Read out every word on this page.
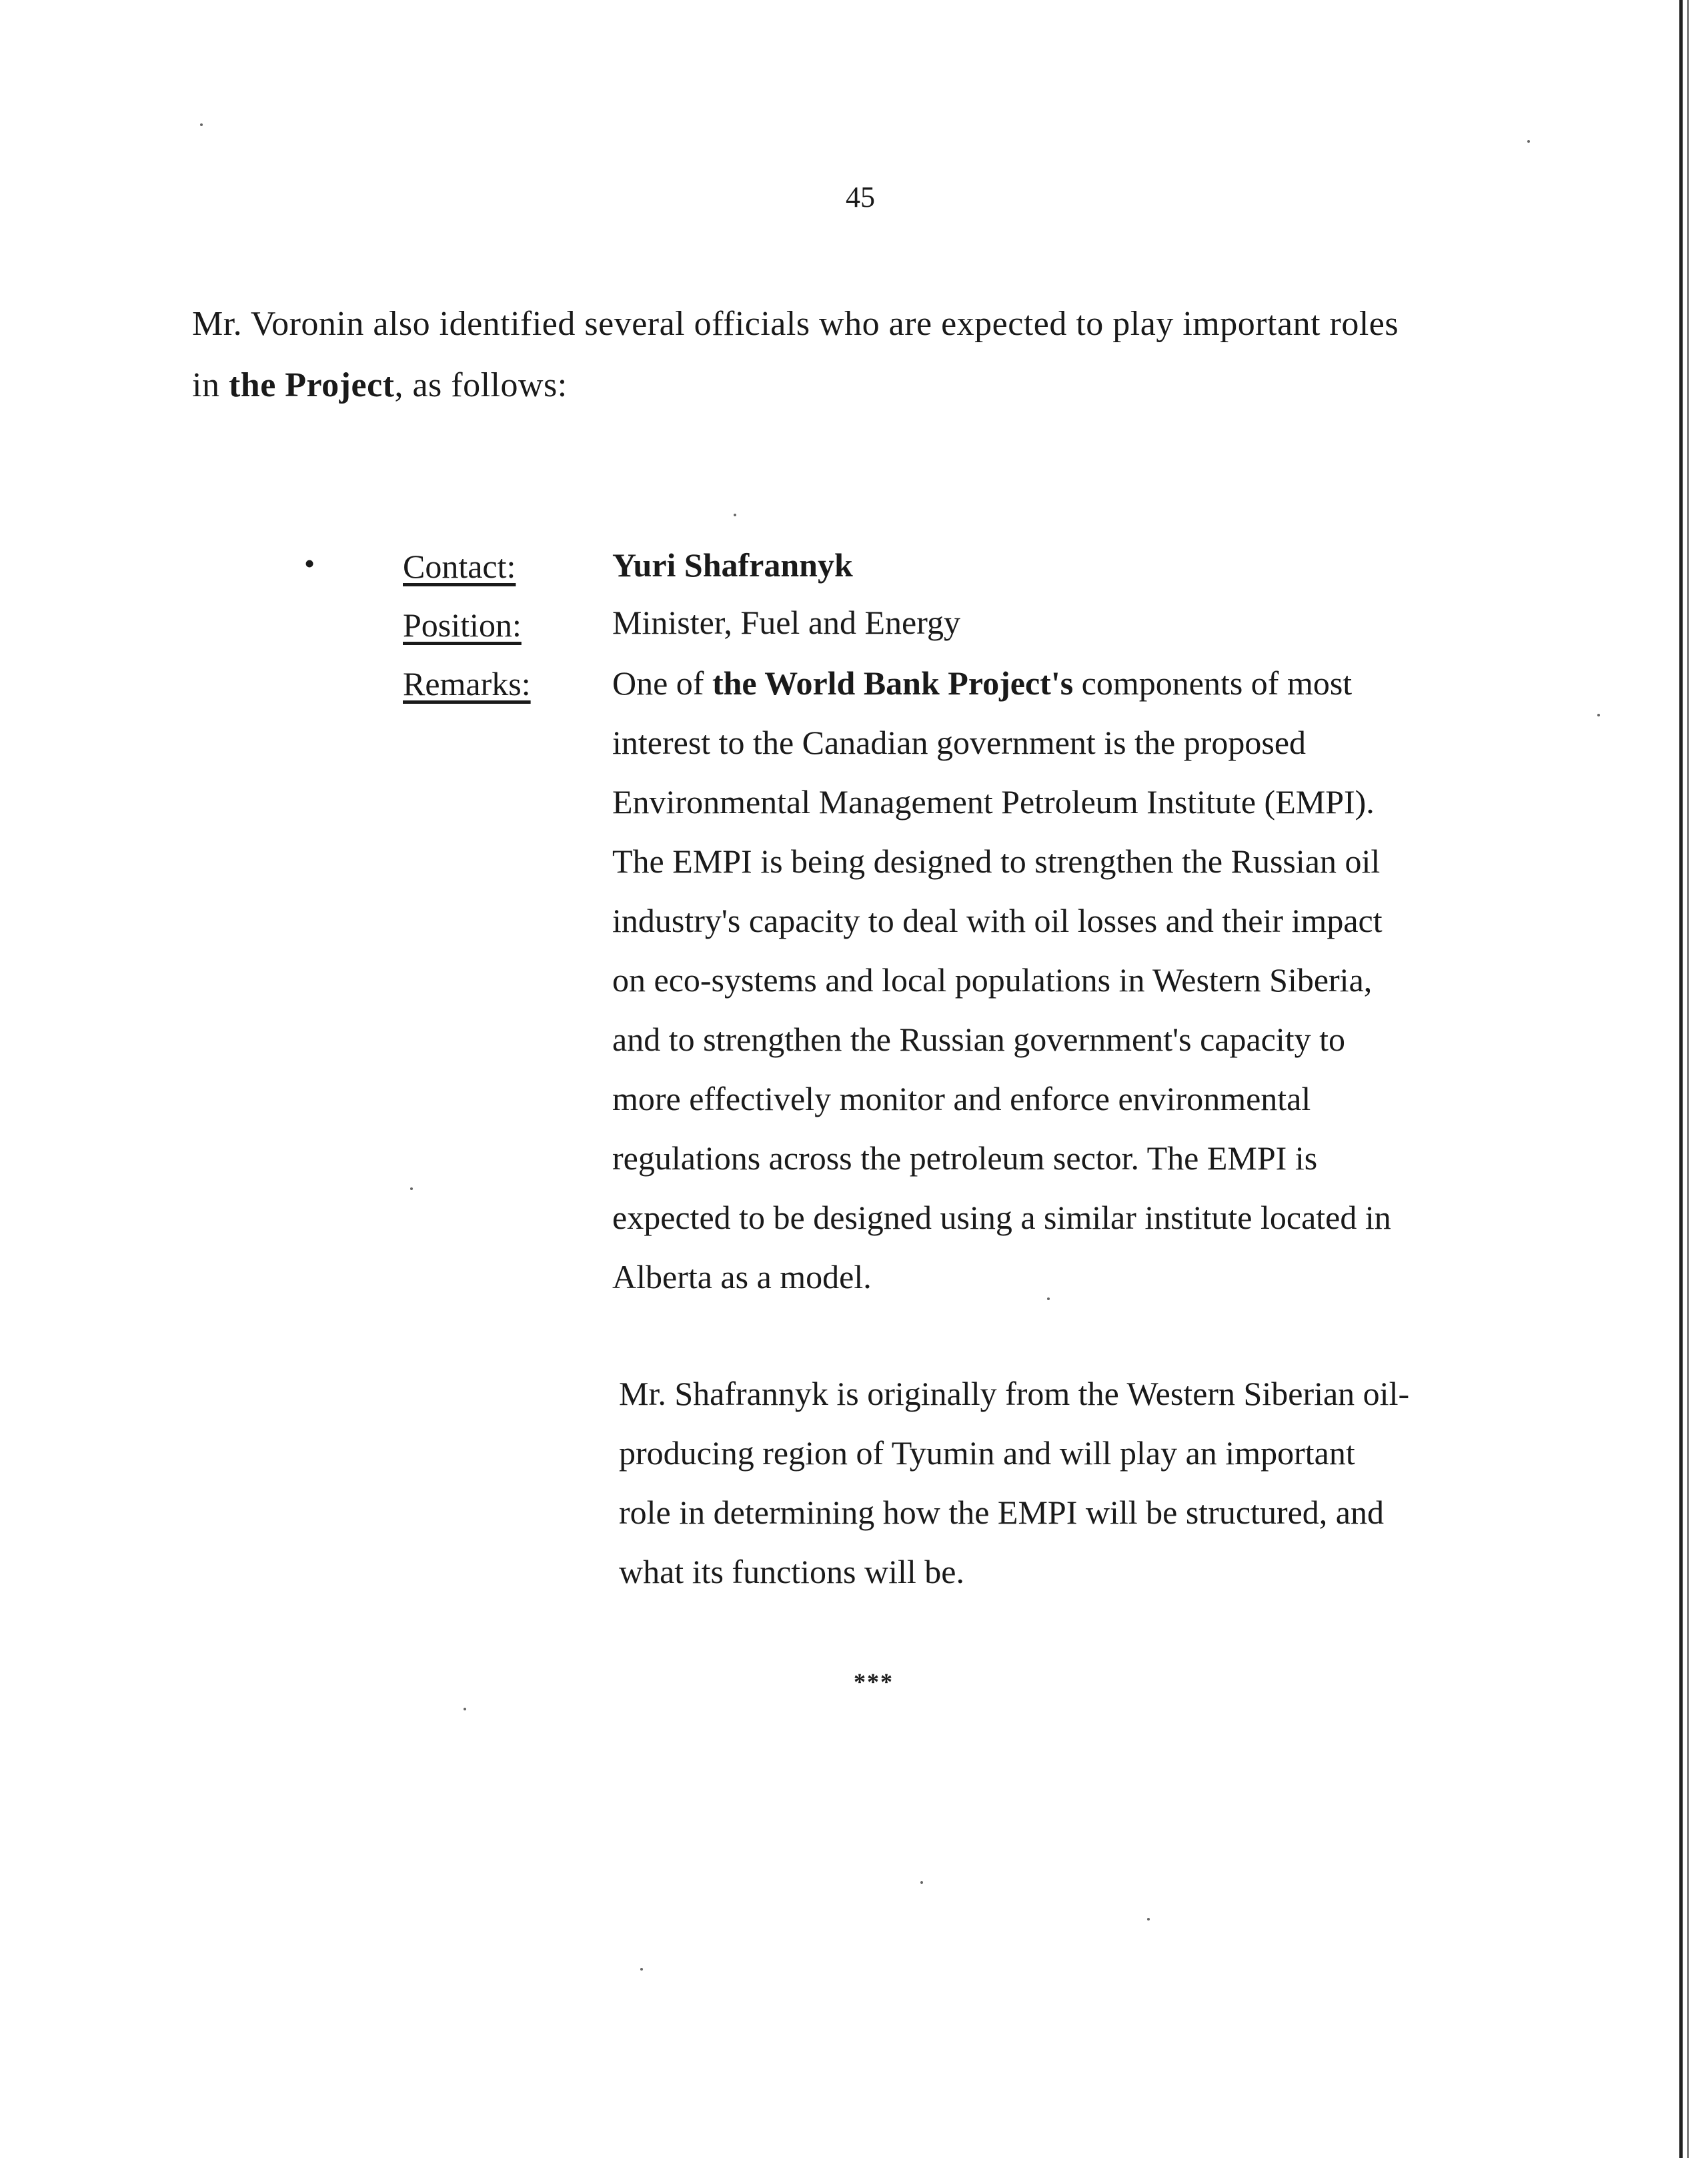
45
Mr. Voronin also identified several officials who are expected to play important roles
in the Project, as follows:
•	Contact:	Yuri Shafrannyk
Position:	Minister, Fuel and Energy
Remarks: One of the World Bank Project's components of most
interest to the Canadian government is the proposed
Environmental Management Petroleum Institute (EMPI).
The EMPI is being designed to strengthen the Russian oil
industry's capacity to deal with oil losses and their impact
on eco-systems and local populations in Western Siberia,
and to strengthen the Russian government's capacity to
more effectively monitor and enforce environmental
regulations across the petroleum sector. The EMPI is
expected to be designed using a similar institute located in
Alberta as a model.
Mr. Shafrannyk is originally from the Western Siberian oil-
producing region of Tyumin and will play an important
role in determining how the EMPI will be structured, and
what its functions will be.
***
